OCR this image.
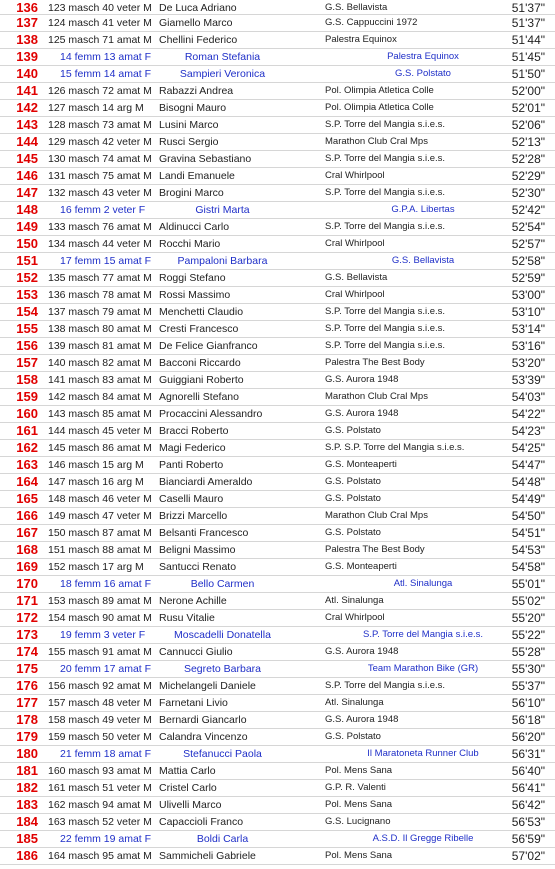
136 123 masch 40 veter M De Luca Adriano	G.S. Bellavista	51'37"
137 124 masch 41 veter M Giamello Marco	G.S. Cappuccini 1972	51'37"
138 125 masch 71 amat M Chellini Federico	Palestra Equinox	51'44"
139 14 femm 13 amat F	Roman Stefania	Palestra Equinox	51'45"
140 15 femm 14 amat F	Sampieri Veronica	G.S. Polstato	51'50"
141 126 masch 72 amat M Rabazzi Andrea	Pol. Olimpia Atletica Colle	52'00"
142 127 masch 14 arg M Bisogni Mauro	Pol. Olimpia Atletica Colle	52'01"
143 128 masch 73 amat M Lusini Marco	S.P. Torre del Mangia s.i.e.s.	52'06"
144 129 masch 42 veter M Rusci Sergio	Marathon Club Cral Mps	52'13"
145 130 masch 74 amat M Gravina Sebastiano	S.P. Torre del Mangia s.i.e.s.	52'28"
146 131 masch 75 amat M Landi Emanuele	Cral Whirlpool	52'29"
147 132 masch 43 veter M Brogini Marco	S.P. Torre del Mangia s.i.e.s.	52'30"
148 16 femm 2 veter F	Gistri Marta	G.P.A. Libertas	52'42"
149 133 masch 76 amat M Aldinucci Carlo	S.P. Torre del Mangia s.i.e.s.	52'54"
150 134 masch 44 veter M Rocchi Mario	Cral Whirlpool	52'57"
151 17 femm 15 amat F	Pampaloni Barbara	G.S. Bellavista	52'58"
152 135 masch 77 amat M Roggi Stefano	G.S. Bellavista	52'59"
153 136 masch 78 amat M Rossi Massimo	Cral Whirlpool	53'00"
154 137 masch 79 amat M Menchetti Claudio	S.P. Torre del Mangia s.i.e.s.	53'10"
155 138 masch 80 amat M Cresti Francesco	S.P. Torre del Mangia s.i.e.s.	53'14"
156 139 masch 81 amat M De Felice Gianfranco	S.P. Torre del Mangia s.i.e.s.	53'16"
157 140 masch 82 amat M Bacconi Riccardo	Palestra The Best Body	53'20"
158 141 masch 83 amat M Guiggiani Roberto	G.S. Aurora 1948	53'39"
159 142 masch 84 amat M Agnorelli Stefano	Marathon Club Cral Mps	54'03"
160 143 masch 85 amat M Procaccini Alessandro	G.S. Aurora 1948	54'22"
161 144 masch 45 veter M Bracci Roberto	G.S. Polstato	54'23"
162 145 masch 86 amat M Magi Federico	S.P. S.P. Torre del Mangia s.i.e.s.	54'25"
163 146 masch 15 arg M Panti Roberto	G.S. Monteaperti	54'47"
164 147 masch 16 arg M Bianciardi Ameraldo	G.S. Polstato	54'48"
165 148 masch 46 veter M Caselli Mauro	G.S. Polstato	54'49"
166 149 masch 47 veter M Brizzi Marcello	Marathon Club Cral Mps	54'50"
167 150 masch 87 amat M Belsanti Francesco	G.S. Polstato	54'51"
168 151 masch 88 amat M Beligni Massimo	Palestra The Best Body	54'53"
169 152 masch 17 arg M Santucci Renato	G.S. Monteaperti	54'58"
170 18 femm 16 amat F	Bello Carmen	Atl. Sinalunga	55'01"
171 153 masch 89 amat M Nerone Achille	Atl. Sinalunga	55'02"
172 154 masch 90 amat M Rusu Vitalie	Cral Whirlpool	55'20"
173 19 femm 3 veter F	Moscadelli Donatella	S.P. Torre del Mangia s.i.e.s. 55'22"
174 155 masch 91 amat M Cannucci Giulio	G.S. Aurora 1948	55'28"
175 20 femm 17 amat F	Segreto Barbara	Team Marathon Bike (GR)	55'30"
176 156 masch 92 amat M Michelangeli Daniele	S.P. Torre del Mangia s.i.e.s.	55'37"
177 157 masch 48 veter M Farnetani Livio	Atl. Sinalunga	56'10"
178 158 masch 49 veter M Bernardi Giancarlo	G.S. Aurora 1948	56'18"
179 159 masch 50 veter M Calandra Vincenzo	G.S. Polstato	56'20"
180 21 femm 18 amat F	Stefanucci Paola	Il Maratoneta Runner Club	56'31"
181 160 masch 93 amat M Mattia Carlo	Pol. Mens Sana	56'40"
182 161 masch 51 veter M Cristel Carlo	G.P. R. Valenti	56'41"
183 162 masch 94 amat M Ulivelli Marco	Pol. Mens Sana	56'42"
184 163 masch 52 veter M Capaccioli Franco	G.S. Lucignano	56'53"
185 22 femm 19 amat F	Boldi Carla	A.S.D. Il Gregge Ribelle	56'59"
186 164 masch 95 amat M Sammicheli Gabriele	Pol. Mens Sana	57'02"
